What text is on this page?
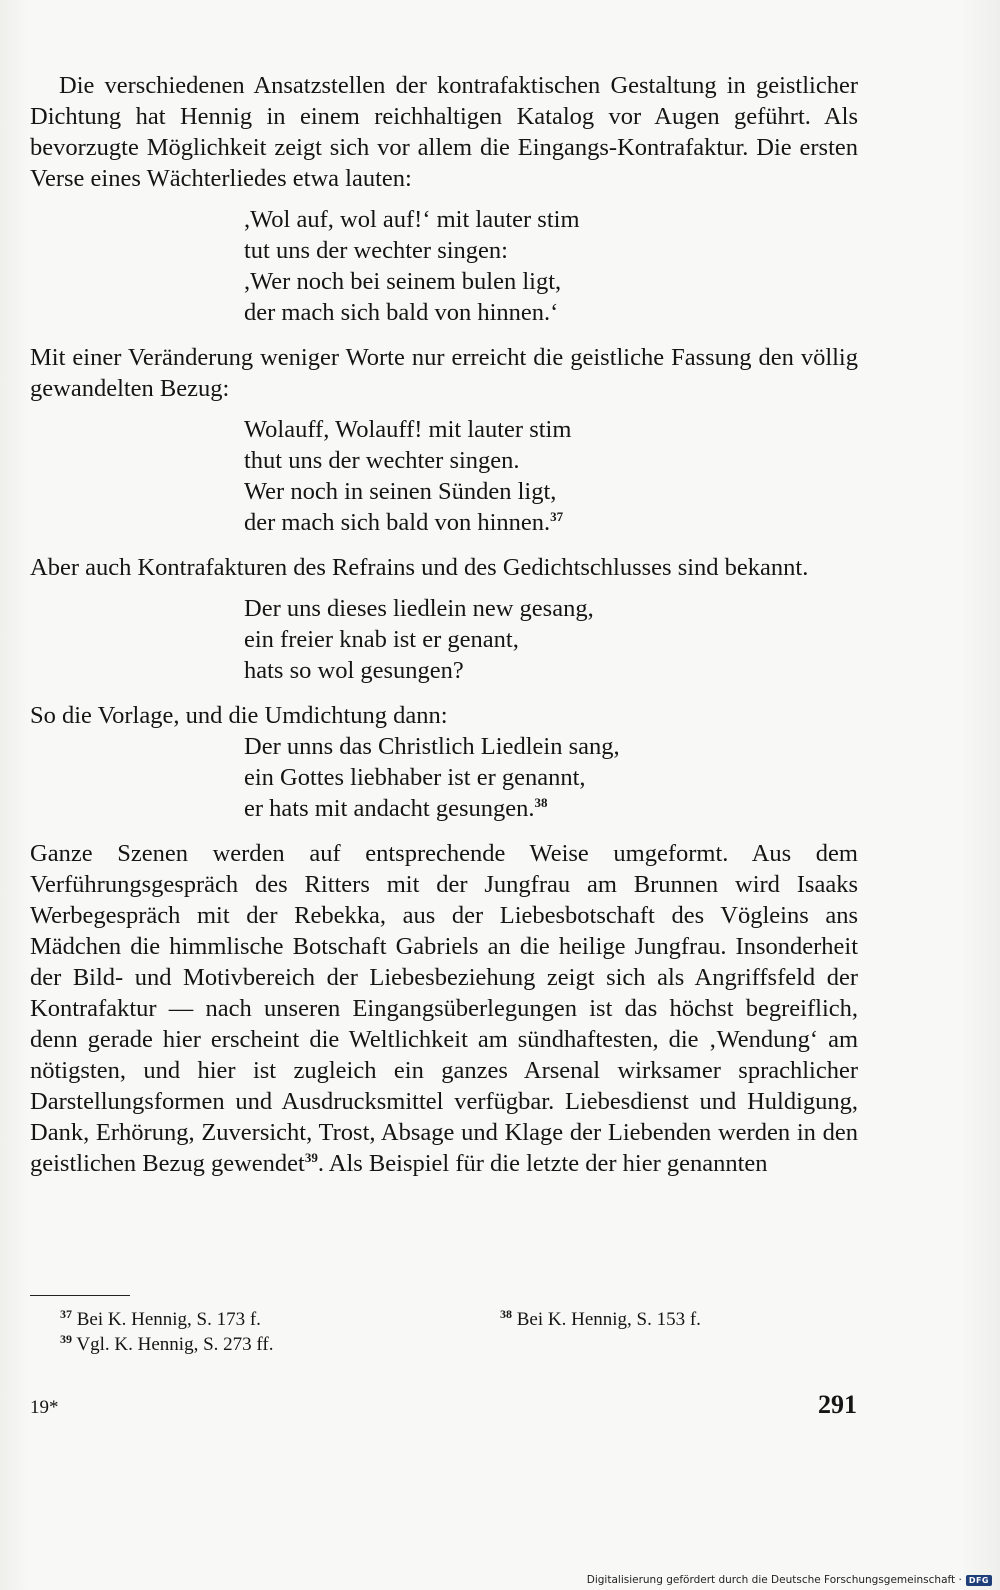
Die verschiedenen Ansatzstellen der kontrafaktischen Gestaltung in geistlicher Dichtung hat Hennig in einem reichhaltigen Katalog vor Augen geführt. Als bevorzugte Möglichkeit zeigt sich vor allem die Eingangs-Kontrafaktur. Die ersten Verse eines Wächterliedes etwa lauten:

,Wol auf, wol auf!‘ mit lauter stim
tut uns der wechter singen:
,Wer noch bei seinem bulen ligt,
der mach sich bald von hinnen.‘

Mit einer Veränderung weniger Worte nur erreicht die geistliche Fassung den völlig gewandelten Bezug:

Wolauff, Wolauff! mit lauter stim
thut uns der wechter singen.
Wer noch in seinen Sünden ligt,
der mach sich bald von hinnen.$^{37}$

Aber auch Kontrafakturen des Refrains und des Gedichtschlusses sind bekannt.

Der uns dieses liedlein new gesang,
ein freier knab ist er genant,
hats so wol gesungen?

So die Vorlage, und die Umdichtung dann:

Der unns das Christlich Liedlein sang,
ein Gottes liebhaber ist er genannt,
er hats mit andacht gesungen.$^{38}$

Ganze Szenen werden auf entsprechende Weise umgeformt. Aus dem Verführungsgespräch des Ritters mit der Jungfrau am Brunnen wird Isaaks Werbegespräch mit der Rebekka, aus der Liebesbotschaft des Vögleins ans Mädchen die himmlische Botschaft Gabriels an die heilige Jungfrau. Insonderheit der Bild- und Motivbereich der Liebesbeziehung zeigt sich als Angriffsfeld der Kontrafaktur — nach unseren Eingangsüberlegungen ist das höchst begreiflich, denn gerade hier erscheint die Weltlichkeit am sündhaftesten, die ‚Wendung‘ am nötigsten, und hier ist zugleich ein ganzes Arsenal wirksamer sprachlicher Darstellungsformen und Ausdrucksmittel verfügbar. Liebesdienst und Huldigung, Dank, Erhörung, Zuversicht, Trost, Absage und Klage der Liebenden werden in den geistlichen Bezug gewendet$^{39}$. Als Beispiel für die letzte der hier genannten

$^{37}$ Bei K. Hennig, S. 173 f.	$^{38}$ Bei K. Hennig, S. 153 f.
$^{39}$ Vgl. K. Hennig, S. 273 ff.
19*	291
Digitalisierung gefördert durch die Deutsche Forschungsgemeinschaft · DFG
